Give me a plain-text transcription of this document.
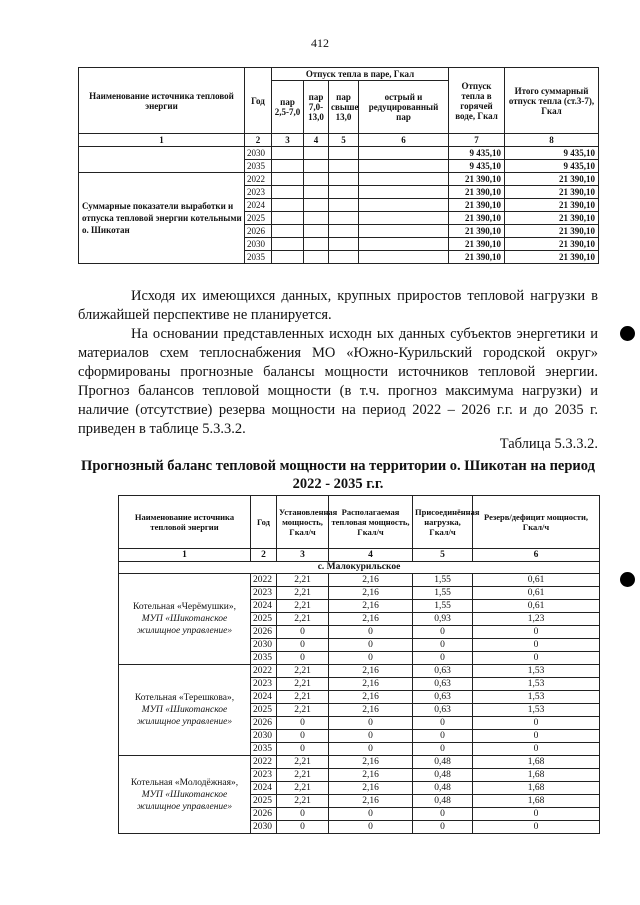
412
Наименование источника тепловой энергии	Год	Отпуск тепла в паре, Гкал				Отпуск тепла в горячей воде, Гкал	Итого суммарный отпуск тепла (ст.3-7), Гкал
		пар 2,5-7,0	пар 7,0-13,0	пар свыше 13,0	острый и редуцированный пар		
1	2	3	4	5	6	7	8
	2030					9 435,10	9 435,10
	2035					9 435,10	9 435,10
Суммарные показатели выработки и отпуска тепловой энергии котельными о. Шикотан	2022					21 390,10	21 390,10
	2023					21 390,10	21 390,10
	2024					21 390,10	21 390,10
	2025					21 390,10	21 390,10
	2026					21 390,10	21 390,10
	2030					21 390,10	21 390,10
	2035					21 390,10	21 390,10
Исходя их имеющихся данных, крупных приростов тепловой нагрузки в ближайшей перспективе не планируется.
На основании представленных исходн ых данных субъектов энергетики и материалов схем теплоснабжения МО «Южно-Курильский городской округ» сформированы прогнозные балансы мощности источников тепловой энергии. Прогноз балансов тепловой мощности (в т.ч. прогноз максимума нагрузки) и наличие (отсутствие) резерва мощности на период 2022 – 2026 г.г. и до 2035 г. приведен в таблице 5.3.3.2.
Таблица 5.3.3.2.
Прогнозный баланс тепловой мощности на территории о. Шикотан на период 2022 - 2035 г.г.
Наименование источника тепловой энергии	Год	Установленная мощность, Гкал/ч	Располагаемая тепловая мощность, Гкал/ч	Присоединённая нагрузка, Гкал/ч	Резерв/дефицит мощности, Гкал/ч
1	2	3	4	5	6
с. Малокурильское					
Котельная «Черёмушки»,
МУП «Шикотанское жилищное управление»	2022	2,21	2,16	1,55	0,61
	2023	2,21	2,16	1,55	0,61
	2024	2,21	2,16	1,55	0,61
	2025	2,21	2,16	0,93	1,23
	2026	0	0	0	0
	2030	0	0	0	0
	2035	0	0	0	0
Котельная «Терешкова»,
МУП «Шикотанское жилищное управление»	2022	2,21	2,16	0,63	1,53
	2023	2,21	2,16	0,63	1,53
	2024	2,21	2,16	0,63	1,53
	2025	2,21	2,16	0,63	1,53
	2026	0	0	0	0
	2030	0	0	0	0
	2035	0	0	0	0
Котельная «Молодёжная»,
МУП «Шикотанское жилищное управление»	2022	2,21	2,16	0,48	1,68
	2023	2,21	2,16	0,48	1,68
	2024	2,21	2,16	0,48	1,68
	2025	2,21	2,16	0,48	1,68
	2026	0	0	0	0
	2030	0	0	0	0
